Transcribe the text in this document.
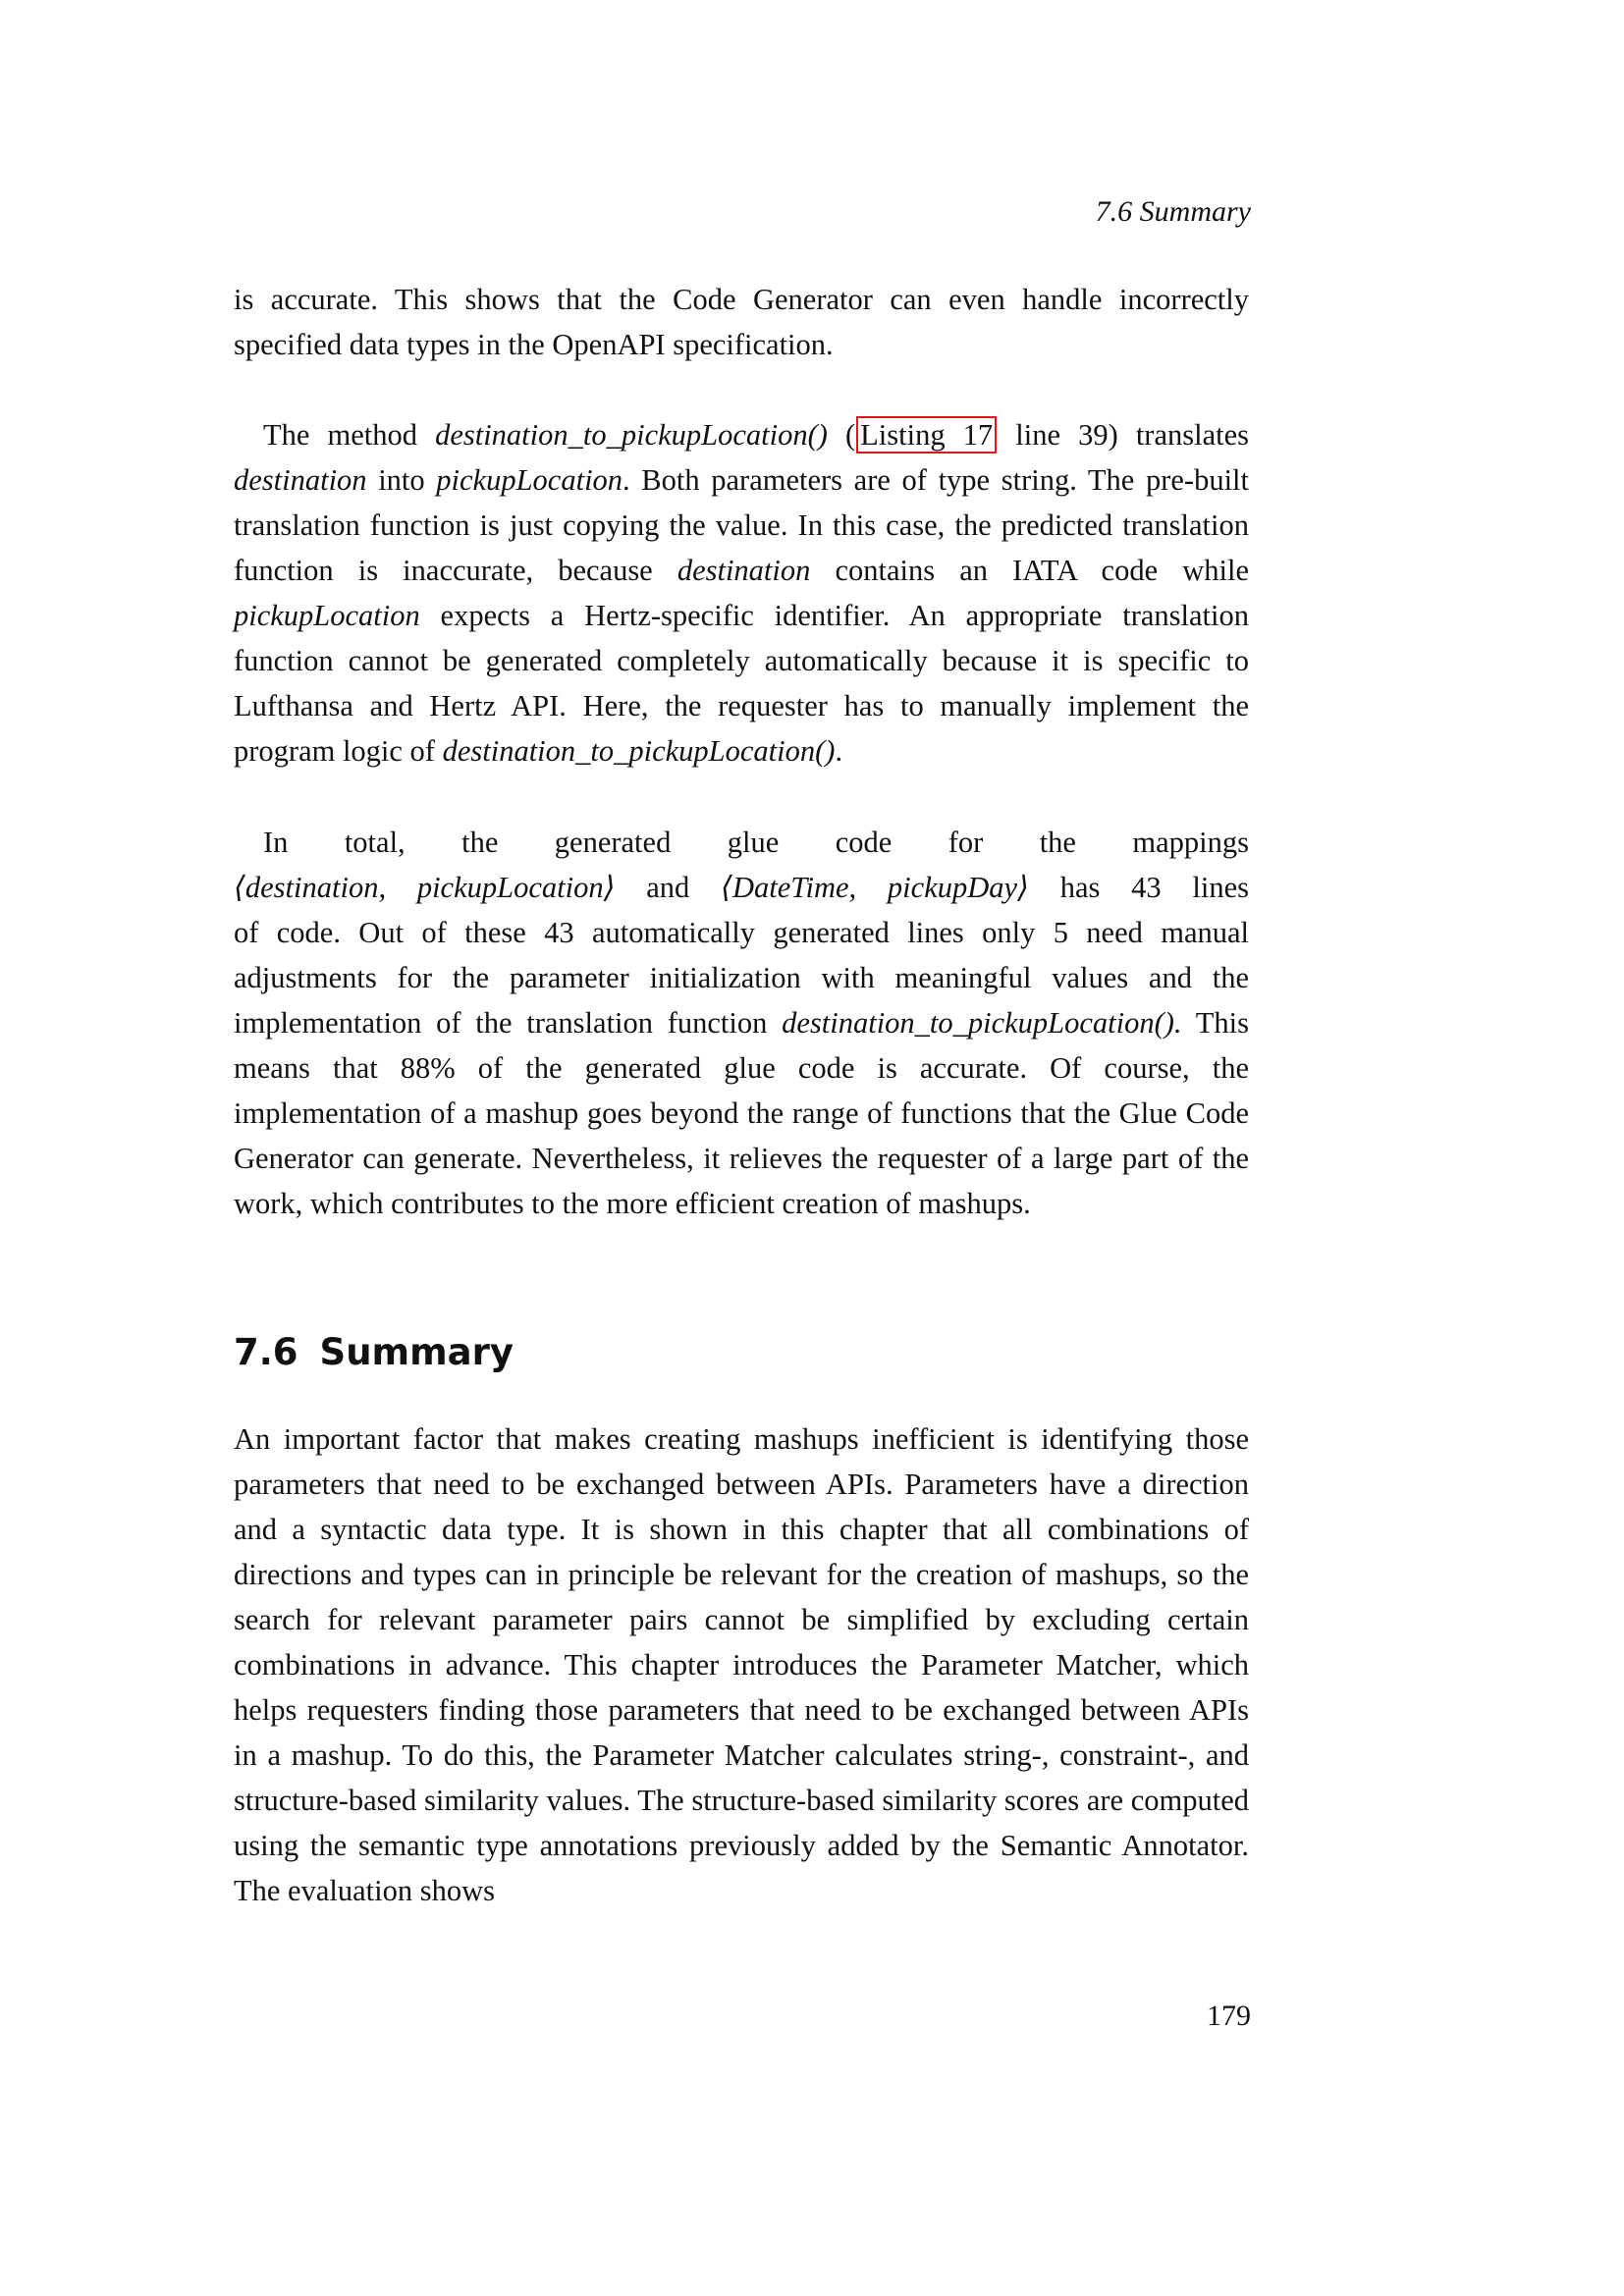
7.6 Summary

is accurate. This shows that the Code Generator can even handle incorrectly specified data types in the OpenAPI specification.

The method destination_to_pickupLocation() ( Listing 17 line 39) translates destination into pickupLocation. Both parameters are of type string. The pre-built translation function is just copying the value. In this case, the predicted translation function is inaccurate, because destination contains an IATA code while pickupLocation expects a Hertz-specific identifier. An appropriate translation function cannot be generated completely automatically because it is specific to Lufthansa and Hertz API. Here, the requester has to manually implement the program logic of destination_to_pickupLocation().

In total, the generated glue code for the mappings

⟨destination, pickupLocation⟩ and ⟨DateTime, pickupDay⟩ has 43 lines

of code. Out of these 43 automatically generated lines only 5 need manual adjustments for the parameter initialization with meaningful values and the implementation of the translation function destination_to_pickupLocation(). This means that 88% of the generated glue code is accurate. Of course, the implementation of a mashup goes beyond the range of functions that the Glue Code Generator can generate. Nevertheless, it relieves the requester of a large part of the work, which contributes to the more efficient creation of mashups.

7.6 Summary

An important factor that makes creating mashups inefficient is identifying those parameters that need to be exchanged between APIs. Parameters have a direction and a syntactic data type. It is shown in this chapter that all combinations of directions and types can in principle be relevant for the creation of mashups, so the search for relevant parameter pairs cannot be simplified by excluding certain combinations in advance. This chapter introduces the Parameter Matcher, which helps requesters finding those parameters that need to be exchanged between APIs in a mashup. To do this, the Parameter Matcher calculates string-, constraint-, and structure-based similarity values. The structure-based similarity scores are computed using the semantic type annotations previously added by the Semantic Annotator. The evaluation shows

179
